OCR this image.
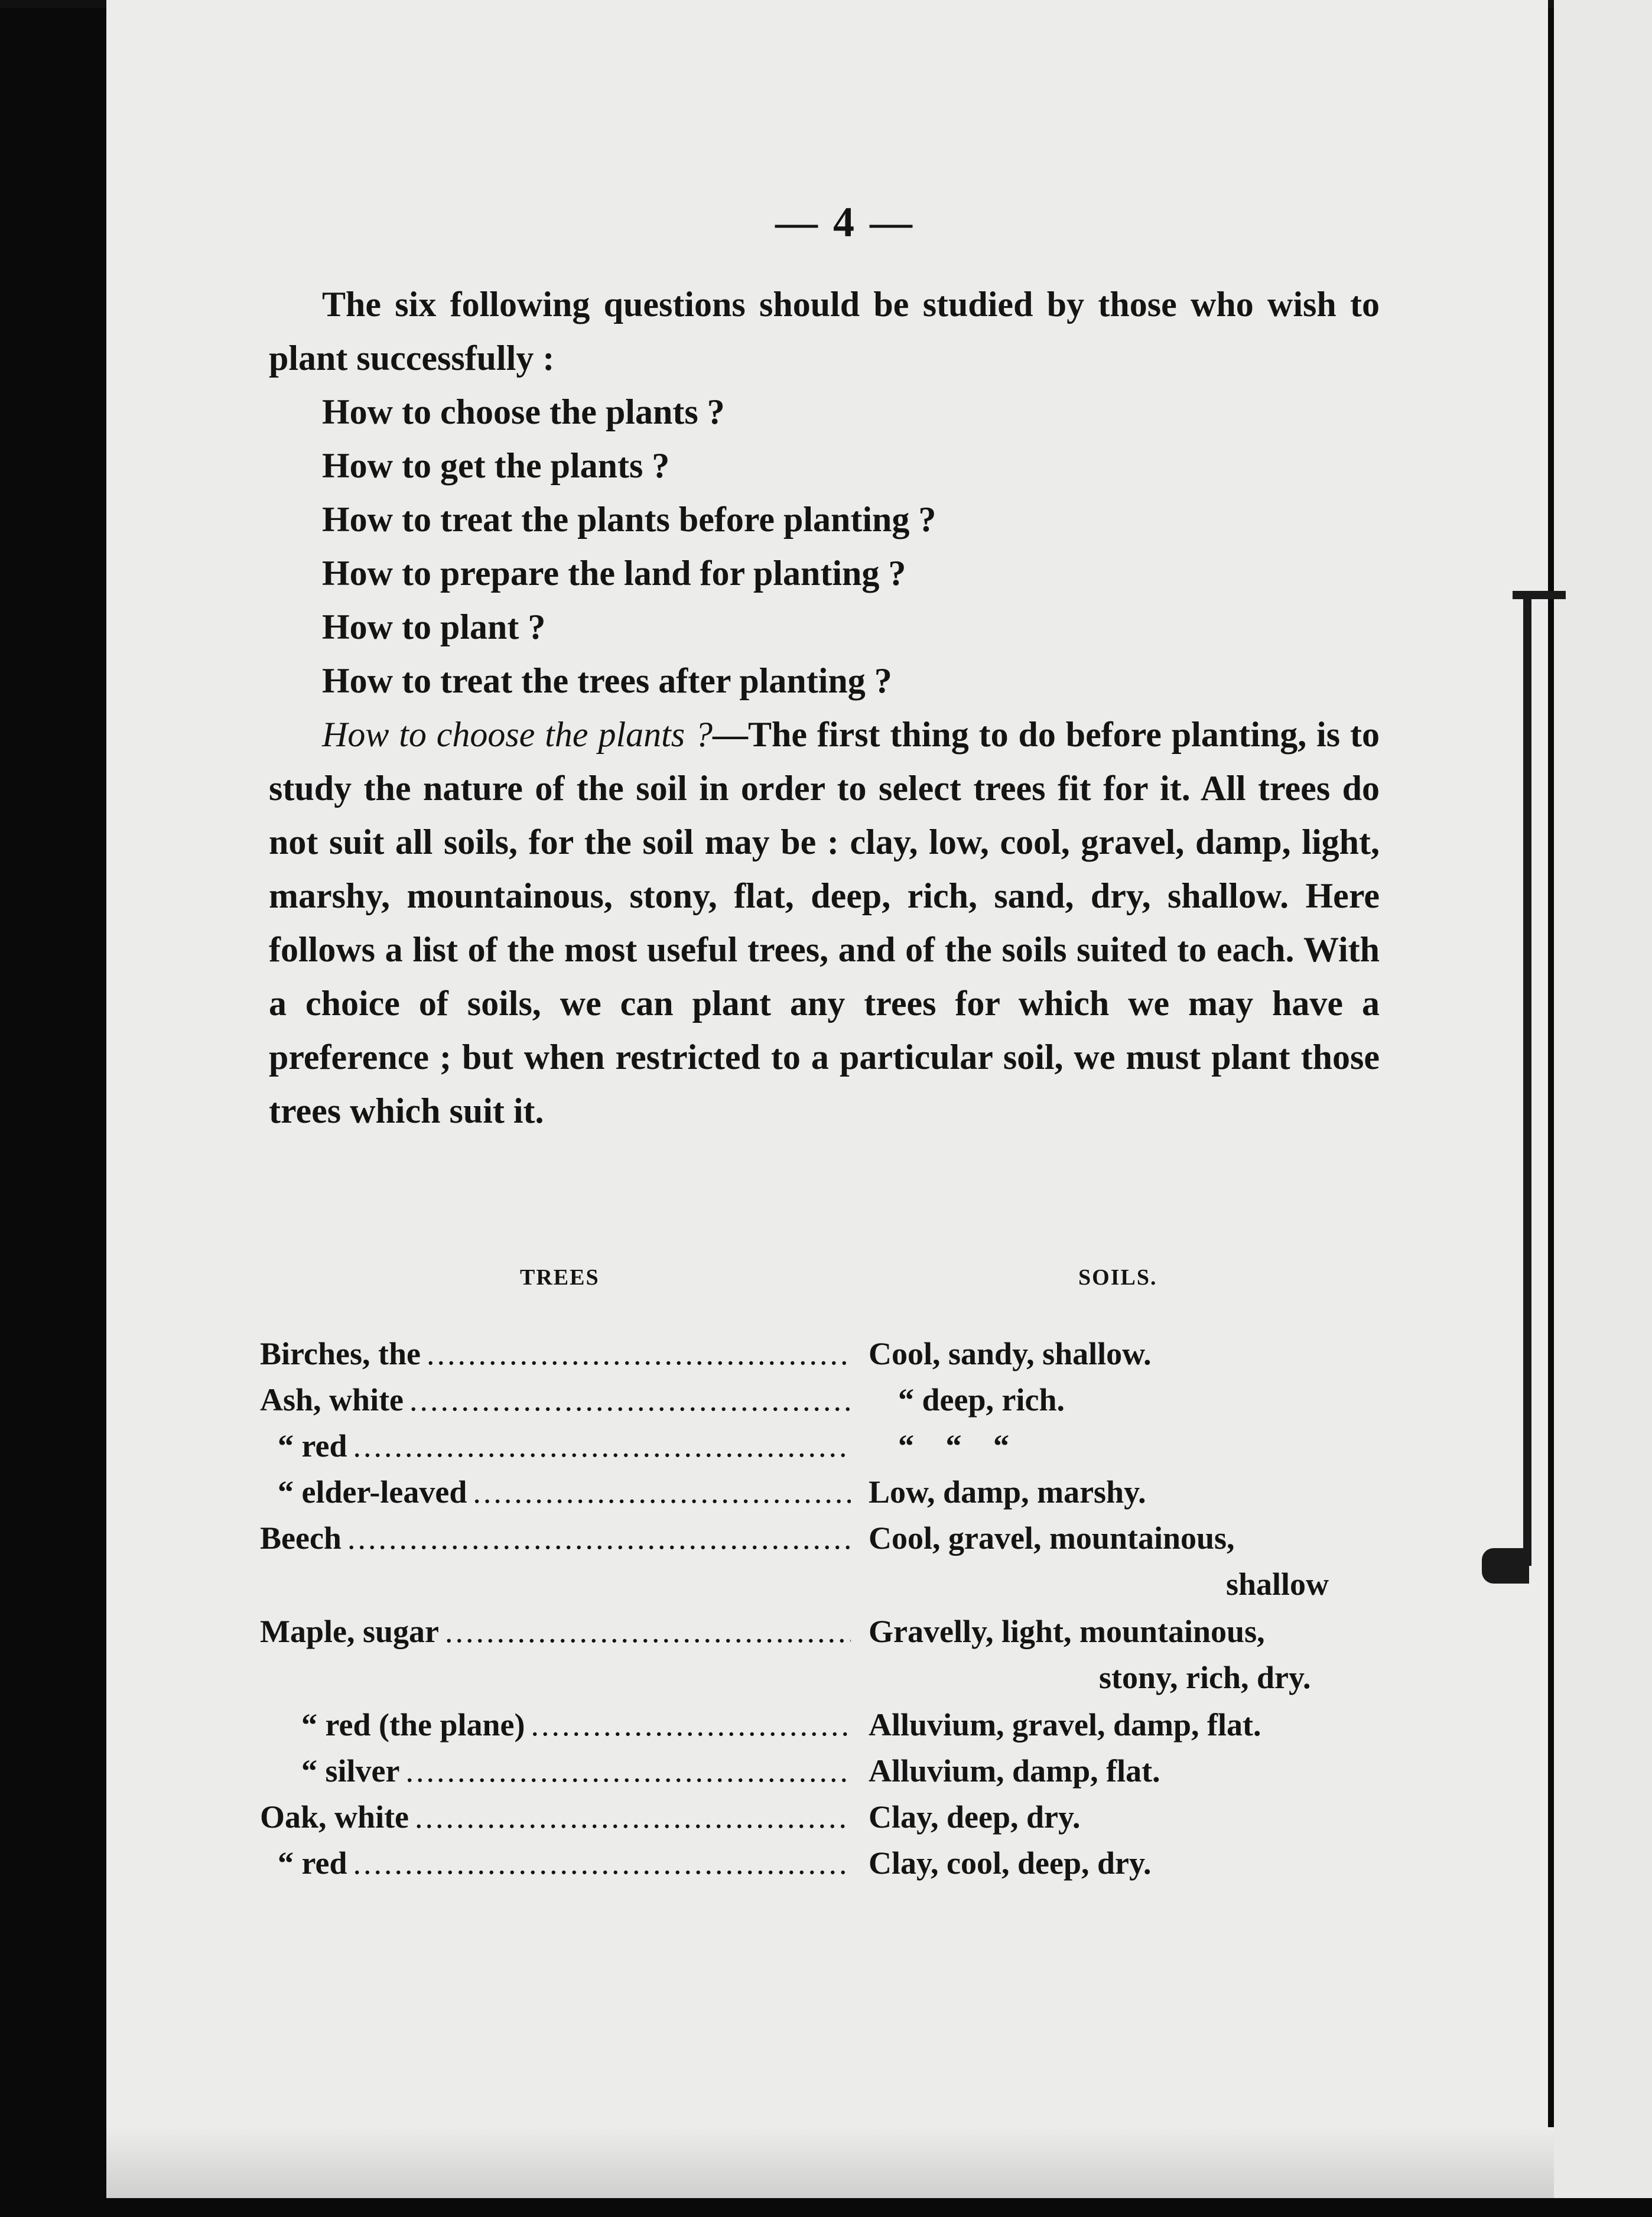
— 4 —

The six following questions should be studied by those who wish to plant successfully :

How to choose the plants ?
How to get the plants ?
How to treat the plants before planting ?
How to prepare the land for planting ?
How to plant ?
How to treat the trees after planting ?

How to choose the plants ?—The first thing to do before planting, is to study the nature of the soil in order to select trees fit for it. All trees do not suit all soils, for the soil may be : clay, low, cool, gravel, damp, light, marshy, mountainous, stony, flat, deep, rich, sand, dry, shallow. Here follows a list of the most useful trees, and of the soils suited to each. With a choice of soils, we can plant any trees for which we may have a preference ; but when restricted to a particular soil, we must plant those trees which suit it.

TREES	SOILS.
Birches, the .....	Cool, sandy, shallow.
Ash, white .....	“ deep, rich.
“ red .....	“ “ “
“ elder-leaved .....	Low, damp, marshy.
Beech .....	Cool, gravel, mountainous,
shallow
Maple, sugar .....	Gravelly, light, mountainous,
stony, rich, dry.
“ red (the plane) .....	Alluvium, gravel, damp, flat.
“ silver .....	Alluvium, damp, flat.
Oak, white .....	Clay, deep, dry.
“ red .....	Clay, cool, deep, dry.
